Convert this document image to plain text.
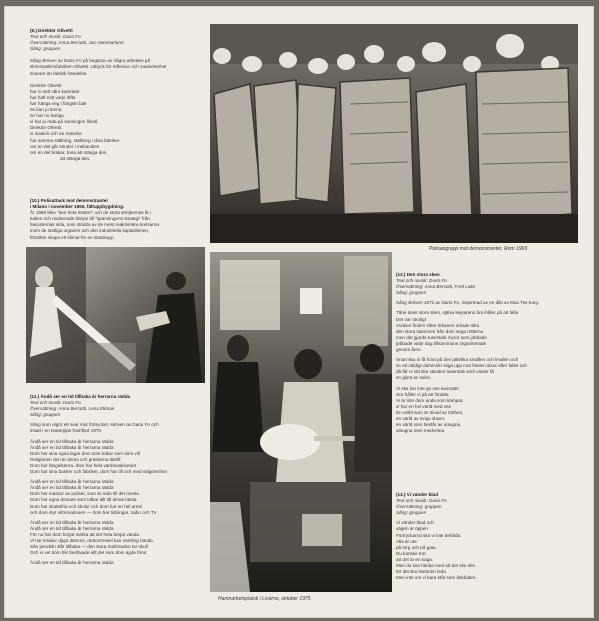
(9.) Direktör Olivetti
Text och musik: Dario Fo
Översättning: Anna Bersotti, Jan Hammarlund
Sång: gruppen
Sång skriven av Dario Fo på begäran av några arbetare på
skrivmaskinsfabriken Olivetti. Uttryck för reflexion och medvetenhet
snarare än faktisk händelse.
Direktör Olivetti
har ni sett våra kamrater
har haft mitt varje löfte
har hänga veg i fängsle bak
ön kan ju ämna
ön har nu kvitiga
vi har ju reda på sanningen likväl,
Direktör Olivetti
vi maskin och en mänska
har samma ställning, ställning i dina fabriker
om en del går sönder i mekaniken
om en del brakar, bara att stänga den,
att stänga den.
(10.) Polisattack mot demonstranter
i Milano i november 1969, fältuppbygdning.
År 1969 blev "den heta hösten" och de stora strejkernas år i
Italien och markerade början till "spänningens strategi" från
fascisternas sida, som stödda av de mest reaktionära kretsarna
inom de statliga organen och den industriella kapitalismen,
försökte skapa ett klimat för en statskupp.
(11.) Ändå ser en tid tillbaka år herrarna rädda
Text och musik: Dario Fo
Översättning: Anna Bersotti, Lena Ekman
Sång: gruppen
Sång som utgör ett svar mot förtrycket, skriven av Dario Fo och
insatt i en teaterpjäs framförd 1970.
Ändå ser en tid tillbaka år herrarna rädda
Ändå ser en tid tillbaka år herrarna rädda
Dom har sina egna lagar dom som tolkar som dom vill
Religionen den är deras och prästerna därtill
Dom har fängelserna, dom har hela värdmaskineriet
Dom har sina banker och fabriker, dom har till och med välgörenhet
Ändå ser en tid tillbaka år herrarna rädda
Ändå ser en tid tillbaka år herrarna rädda
Dom har massor av poliser, som är redo till det mesta
Dom har egna domare som tolkar allt till deras bästa
Dom har skattefria och skolor och dom har en hel armé
och dom styr informationen — dom har tidningar, radio och TV
Ändå ser en tid tillbaka år herrarna rädda
Ändå ser en tid tillbaka år herrarna rädda
För nu har dom börjat märka att det hela börjar vända
Vi har knakar djupt dämme, räntonmekel kan nämling hända
Sån pendeln slår tillbaka — den stora marknaden tar skull
Och vi vet dom blir bedövade allt det som dom ägde förut
Ändå ser en tid tillbaka år herrarna rädda
Polisangrepp mot demonstranter, Rom 1969
Hamnarbetsplatsk i Livorno, oktober 1975
(12.) Den stora sken
Text och musik: Dario Fo
Översättning: Anna Bersotti, Fred Lake
Sång: gruppen
Sång skriven 1972 av Dario Fo, inspirerad av en dikt av Mao Tse-tung.
Tåne dess stora sken, själva kejsarens åra ihåler på att falla
Det var otroligt
Vunken finden sitter örkanen orkade slita
den stora stammen från dom sega rötterna
men det gjorde tusentals myror som jobbade
jobbade varje dag tillsammans organiserade
genom åren.
Snart ska ni få höra på den jättelika smällen och knallen och
se ett väldigt dammoln stiga upp mot himlen strax efter fallet och
då får ni väl ska väsiden tusentals små växter få
en glimt av solen
Vi ska fan inte ge oss kamrater
vira håller vi på att fördela
Vi är inte dom anda som kämpar,
vi har en hel värld med oss
En värld som är trivad av trälhen,
en värld av eviga slaver,
en värld som består av utsugna,
utsugna men medvetna.
(13.) Vi vänder blad
Text och musik: Dario Fo
Översättning: gruppen
Sång: gruppen
Vi vänder blad och
vägen är öppen
Förtryckarna ska vi inte behåda.
Alla är ute
på torg och på gata.
Du kanske tror
att det är en saga.
Men du kan hänka med att det ska ske
tör ditt ska historien leda.
Men inte om vi bara står som åskådare.
